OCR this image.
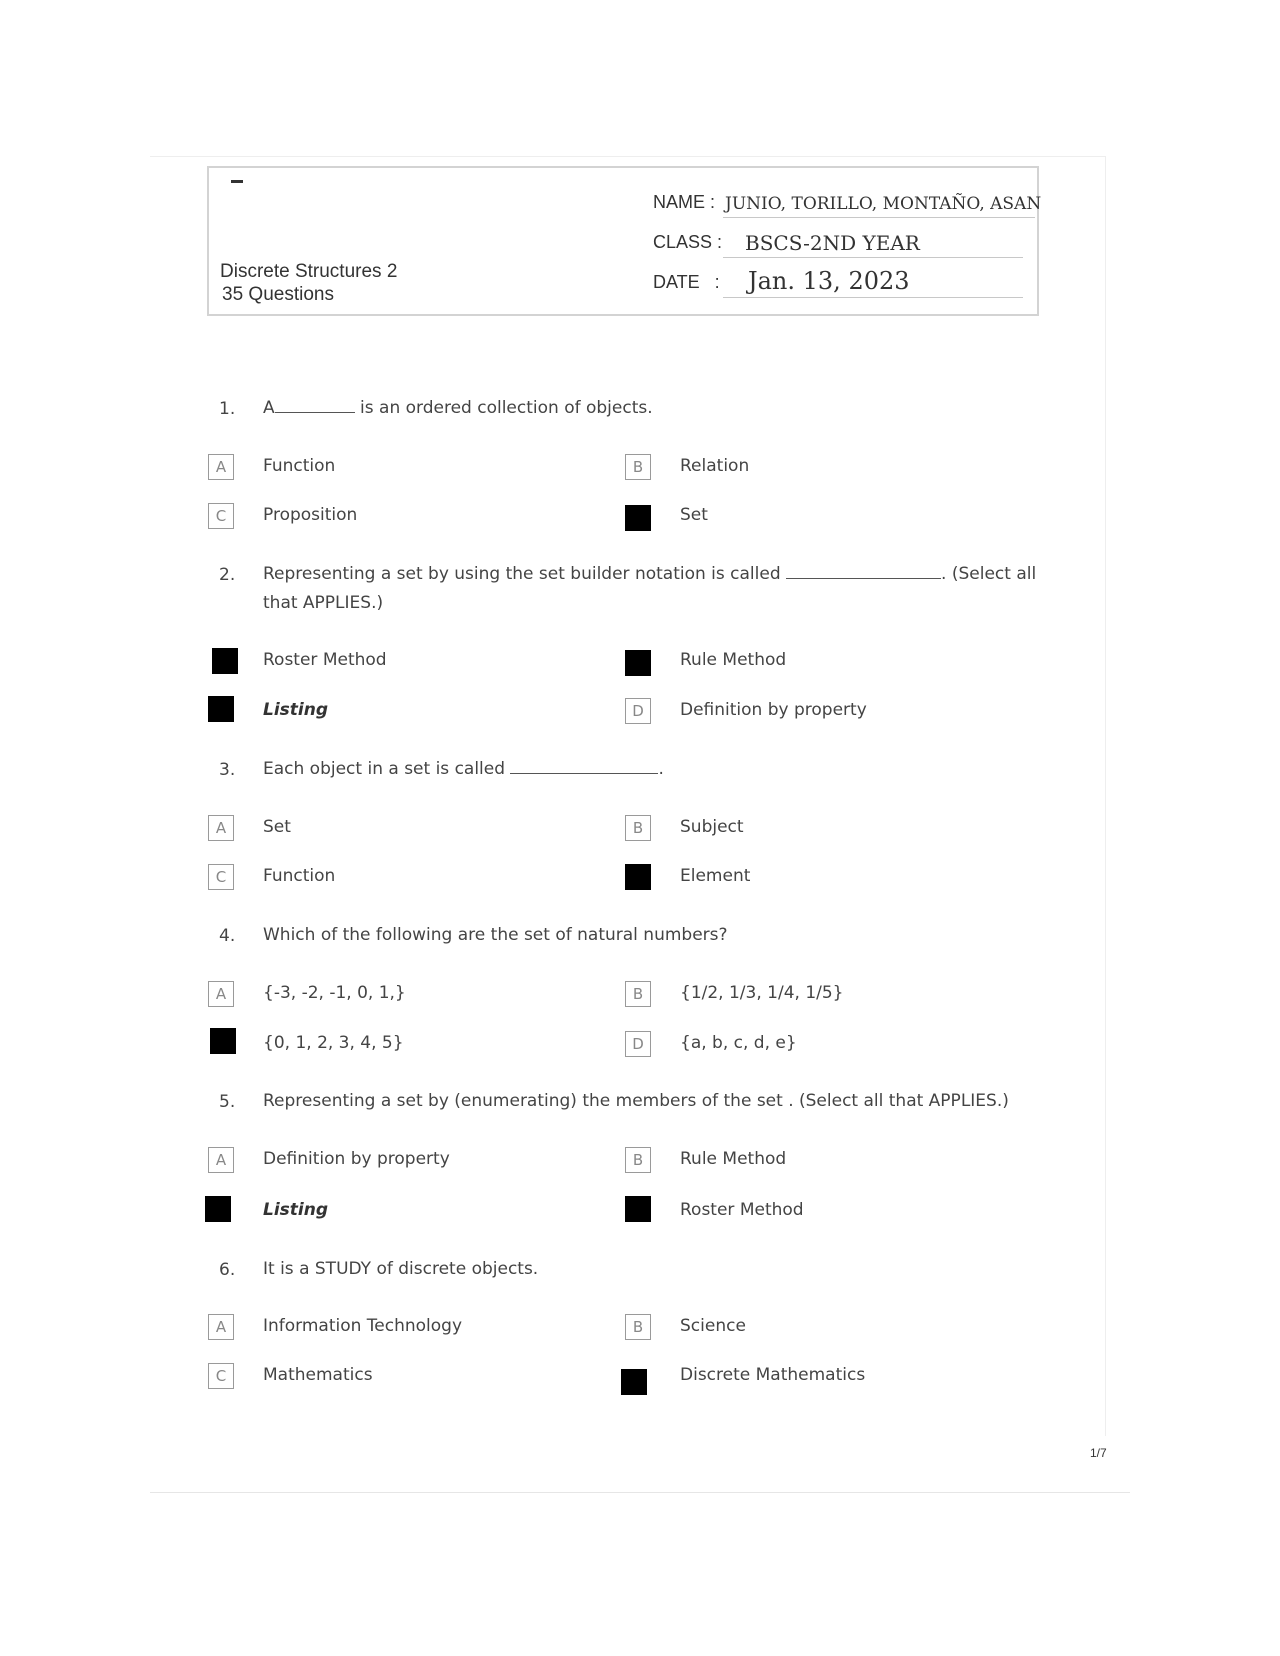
Discrete Structures 2
35 Questions
NAME : JUNIO, TORILLO, MONTAÑO, ASAN
CLASS : BSCS-2ND YEAR
DATE   : Jan. 13, 2023
1. A	is an ordered collection of objects.
A	Function	B	Relation
C	Proposition	Set
2. Representing a set by using the set builder notation is called	. (Select all that APPLIES.)
Roster Method	Rule Method
Listing	D	Definition by property
3. Each object in a set is called	.
A	Set	B	Subject
C	Function	Element
4. Which of the following are the set of natural numbers?
A	{-3, -2, -1, 0, 1,}	B	{1/2, 1/3, 1/4, 1/5}
{0, 1, 2, 3, 4, 5}	D	{a, b, c, d, e}
5. Representing a set by (enumerating) the members of the set . (Select all that APPLIES.)
A	Definition by property	B	Rule Method
Listing	Roster Method
6. It is a STUDY of discrete objects.
A	Information Technology	B	Science
C	Mathematics	Discrete Mathematics
1/7
